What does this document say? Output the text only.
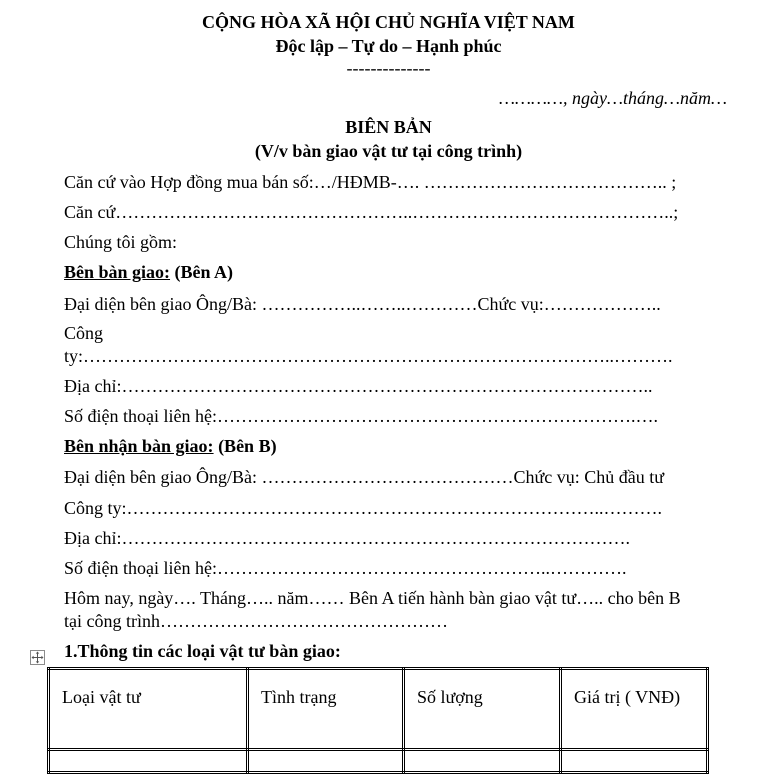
CỘNG HÒA XÃ HỘI CHỦ NGHĨA VIỆT NAM
Độc lập – Tự do – Hạnh phúc
--------------
…………, ngày…tháng…năm…
BIÊN BẢN
(V/v bàn giao vật tư tại công trình)
Căn cứ vào Hợp đồng mua bán số:…/HĐMB-…. ………………………………….. ;
Căn cứ…………………………………………..……………………………………..;
Chúng tôi gồm:
Bên bàn giao: (Bên A)
Đại diện bên giao Ông/Bà: ……………..……..…………Chức vụ:………………..
Công
ty:……………………………………………………………………………..……….
Địa chỉ:……………………………………………………………………………..
Số điện thoại liên hệ:…………………………………………………………….….
Bên nhận bàn giao: (Bên B)
Đại diện bên giao Ông/Bà: ……………………………………Chức vụ: Chủ đầu tư
Công ty:……………………………………………………………………..……….
Địa chỉ:………………………………………………………………………….
Số điện thoại liên hệ:………………………………………………..………….
Hôm nay, ngày…. Tháng….. năm…… Bên A tiến hành bàn giao vật tư….. cho bên B
tại công trình…………………………………………
1.Thông tin các loại vật tư bàn giao:
Loại vật tư	Tình trạng	Số lượng	Giá trị ( VNĐ)
